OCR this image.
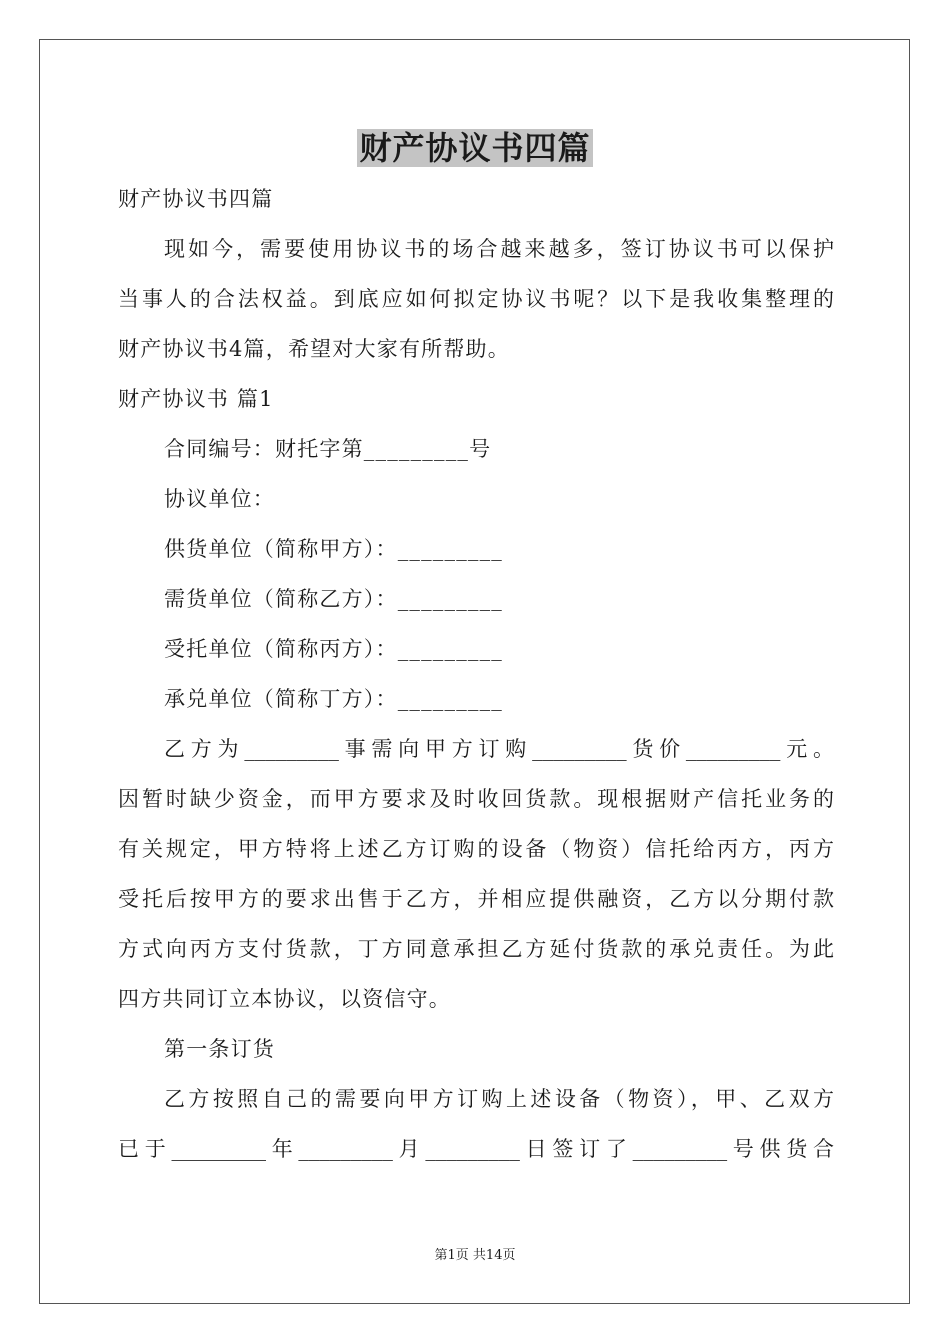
财产协议书四篇
财产协议书四篇
现如今，需要使用协议书的场合越来越多，签订协议书可以保护
当事人的合法权益。到底应如何拟定协议书呢？以下是我收集整理的
财产协议书4篇，希望对大家有所帮助。
财产协议书 篇1
合同编号：财托字第_________号
协议单位：
供货单位（简称甲方）：_________
需货单位（简称乙方）：_________
受托单位（简称丙方）：_________
承兑单位（简称丁方）：_________
乙方为_________事需向甲方订购_________货价_________元。
因暂时缺少资金，而甲方要求及时收回货款。现根据财产信托业务的
有关规定，甲方特将上述乙方订购的设备（物资）信托给丙方，丙方
受托后按甲方的要求出售于乙方，并相应提供融资，乙方以分期付款
方式向丙方支付货款，丁方同意承担乙方延付货款的承兑责任。为此
四方共同订立本协议，以资信守。
第一条订货
乙方按照自己的需要向甲方订购上述设备（物资），甲、乙双方
已于_________年_________月_________日签订了_________号供货合
第1页 共14页
